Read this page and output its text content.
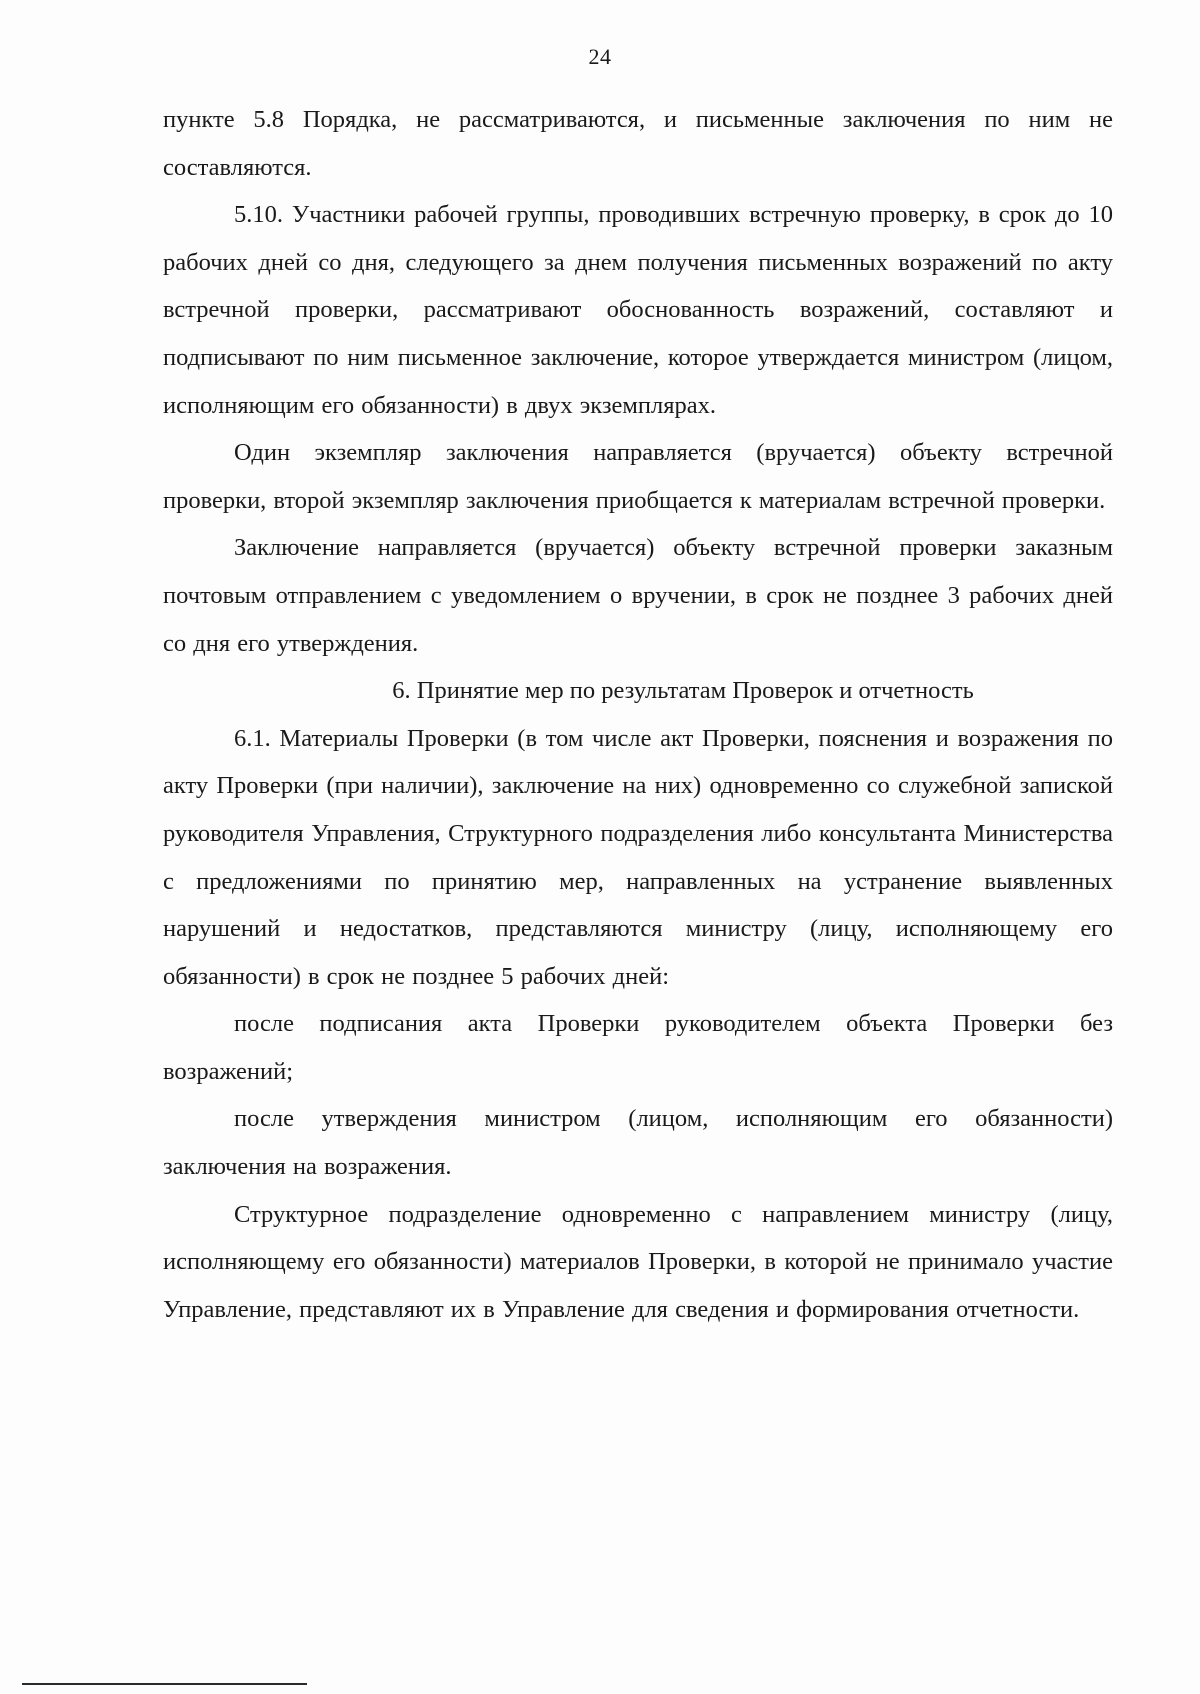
24

пункте 5.8 Порядка, не рассматриваются, и письменные заключения по ним не составляются.

5.10. Участники рабочей группы, проводивших встречную проверку, в срок до 10 рабочих дней со дня, следующего за днем получения письменных возражений по акту встречной проверки, рассматривают обоснованность возражений, составляют и подписывают по ним письменное заключение, которое утверждается министром (лицом, исполняющим его обязанности) в двух экземплярах.

Один экземпляр заключения направляется (вручается) объекту встречной проверки, второй экземпляр заключения приобщается к материалам встречной проверки.

Заключение направляется (вручается) объекту встречной проверки заказным почтовым отправлением с уведомлением о вручении, в срок не позднее 3 рабочих дней со дня его утверждения.

6. Принятие мер по результатам Проверок и отчетность

6.1. Материалы Проверки (в том числе акт Проверки, пояснения и возражения по акту Проверки (при наличии), заключение на них) одновременно со служебной запиской руководителя Управления, Структурного подразделения либо консультанта Министерства с предложениями по принятию мер, направленных на устранение выявленных нарушений и недостатков, представляются министру (лицу, исполняющему его обязанности) в срок не позднее 5 рабочих дней:

после подписания акта Проверки руководителем объекта Проверки без возражений;

после утверждения министром (лицом, исполняющим его обязанности) заключения на возражения.

Структурное подразделение одновременно с направлением министру (лицу, исполняющему его обязанности) материалов Проверки, в которой не принимало участие Управление, представляют их в Управление для сведения и формирования отчетности.
